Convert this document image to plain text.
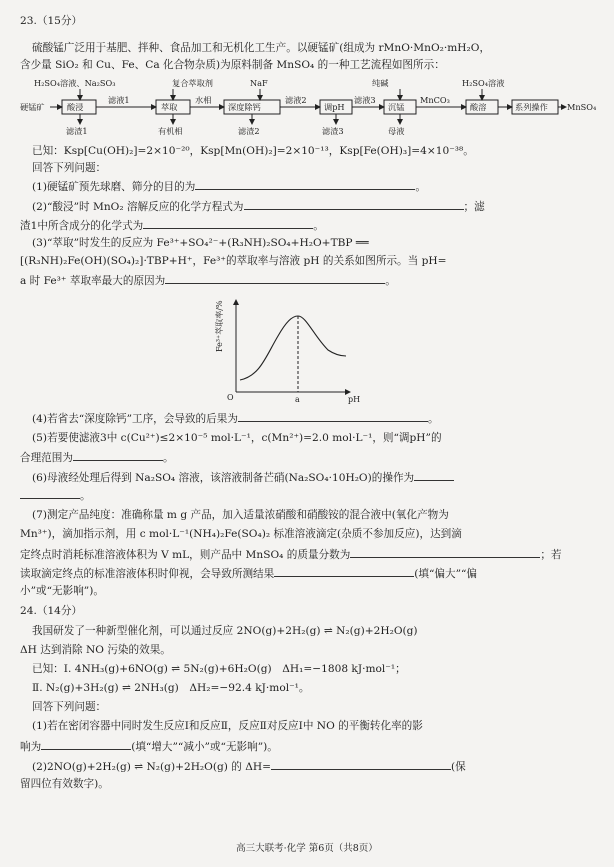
23.（15分）
硫酸锰广泛用于基肥、拌种、食品加工和无机化工生产。以硬锰矿(组成为 rMnO·MnO₂·mH₂O，
含少量 SiO₂ 和 Cu、Fe、Ca 化合物杂质)为原料制备 MnSO₄ 的一种工艺流程如图所示：
H₂SO₄溶液、Na₂SO₃	复合萃取剂	NaF	纯碱	H₂SO₄溶液
硬锰矿	酸浸
滤液1
萃取
水相
深度除钙
滤液2
调pH
滤液3
沉锰
MnCO₃
酸溶	系列操作 MnSO₄
滤渣1	有机相	滤渣2	滤渣3	母液
已知：Ksp[Cu(OH)₂]=2×10⁻²⁰，Ksp[Mn(OH)₂]=2×10⁻¹³，Ksp[Fe(OH)₃]=4×10⁻³⁸。
回答下列问题：
(1)硬锰矿预先球磨、筛分的目的为	。
(2)“酸浸”时 MnO₂ 溶解反应的化学方程式为	；滤
渣1中所含成分的化学式为	。
(3)“萃取”时发生的反应为 Fe³⁺+SO₄²⁻+(R₃NH)₂SO₄+H₂O+TBP ══
[(R₃NH)₂Fe(OH)(SO₄)₂]·TBP+H⁺，Fe³⁺的萃取率与溶液 pH 的关系如图所示。当 pH=
a 时 Fe³⁺ 萃取率最大的原因为	。
Fe³⁺萃取率/%
O	a	pH
(4)若省去“深度除钙”工序，会导致的后果为	。
(5)若要使滤液3中 c(Cu²⁺)≤2×10⁻⁵ mol·L⁻¹，c(Mn²⁺)=2.0 mol·L⁻¹，则“调pH”的
合理范围为	。
(6)母液经处理后得到 Na₂SO₄ 溶液，该溶液制备芒硝(Na₂SO₄·10H₂O)的操作为
。
(7)测定产品纯度：准确称量 m g 产品，加入适量浓硝酸和硝酸铵的混合液中(氧化产物为
Mn³⁺)，滴加指示剂，用 c mol·L⁻¹(NH₄)₂Fe(SO₄)₂ 标准溶液滴定(杂质不参加反应)，达到滴
定终点时消耗标准溶液体积为 V mL，则产品中 MnSO₄ 的质量分数为	；若
读取滴定终点的标准溶液体积时仰视，会导致所测结果	(填“偏大”“偏
小”或“无影响”)。
24.（14分）
我国研发了一种新型催化剂，可以通过反应 2NO(g)+2H₂(g) ⇌ N₂(g)+2H₂O(g)
ΔH 达到消除 NO 污染的效果。
已知：Ⅰ. 4NH₃(g)+6NO(g) ⇌ 5N₂(g)+6H₂O(g)　ΔH₁=−1808 kJ·mol⁻¹；
Ⅱ. N₂(g)+3H₂(g) ⇌ 2NH₃(g)　ΔH₂=−92.4 kJ·mol⁻¹。
回答下列问题：
(1)若在密闭容器中同时发生反应Ⅰ和反应Ⅱ，反应Ⅱ对反应Ⅰ中 NO 的平衡转化率的影
响为	(填“增大”“减小”或“无影响”)。
(2)2NO(g)+2H₂(g) ⇌ N₂(g)+2H₂O(g) 的 ΔH=	(保
留四位有效数字)。
高三大联考·化学 第6页（共8页）
